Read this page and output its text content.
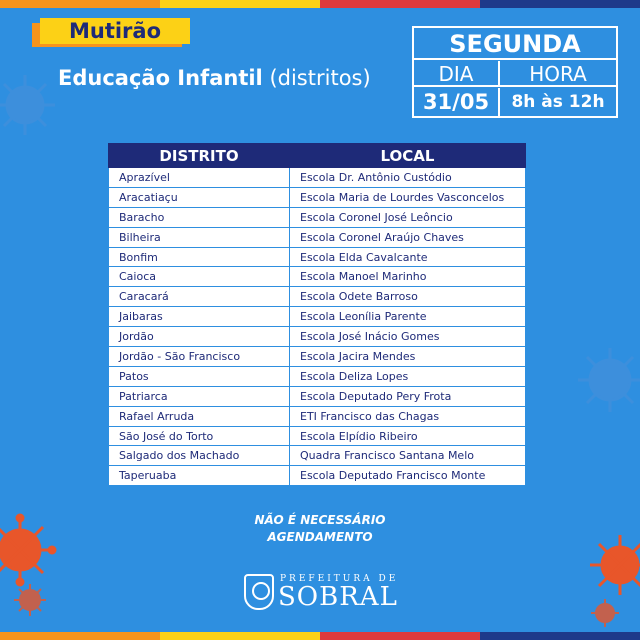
Mutirão
Educação Infantil (distritos)
SEGUNDA
DIA	HORA
31/05	8h às 12h
DISTRITO	LOCAL
Aprazível	Escola Dr. Antônio Custódio
Aracatiaçu	Escola Maria de Lourdes Vasconcelos
Baracho	Escola Coronel José Leôncio
Bilheira	Escola Coronel Araújo Chaves
Bonfim	Escola Elda Cavalcante
Caioca	Escola Manoel Marinho
Caracará	Escola Odete Barroso
Jaibaras	Escola Leonília Parente
Jordão	Escola José Inácio Gomes
Jordão - São Francisco	Escola Jacira Mendes
Patos	Escola Deliza Lopes
Patriarca	Escola Deputado Pery Frota
Rafael Arruda	ETI Francisco das Chagas
São José do Torto	Escola Elpídio Ribeiro
Salgado dos Machado	Quadra Francisco Santana Melo
Taperuaba	Escola Deputado Francisco Monte
NÃO É NECESSÁRIO
AGENDAMENTO
PREFEITURA DE
SOBRAL
